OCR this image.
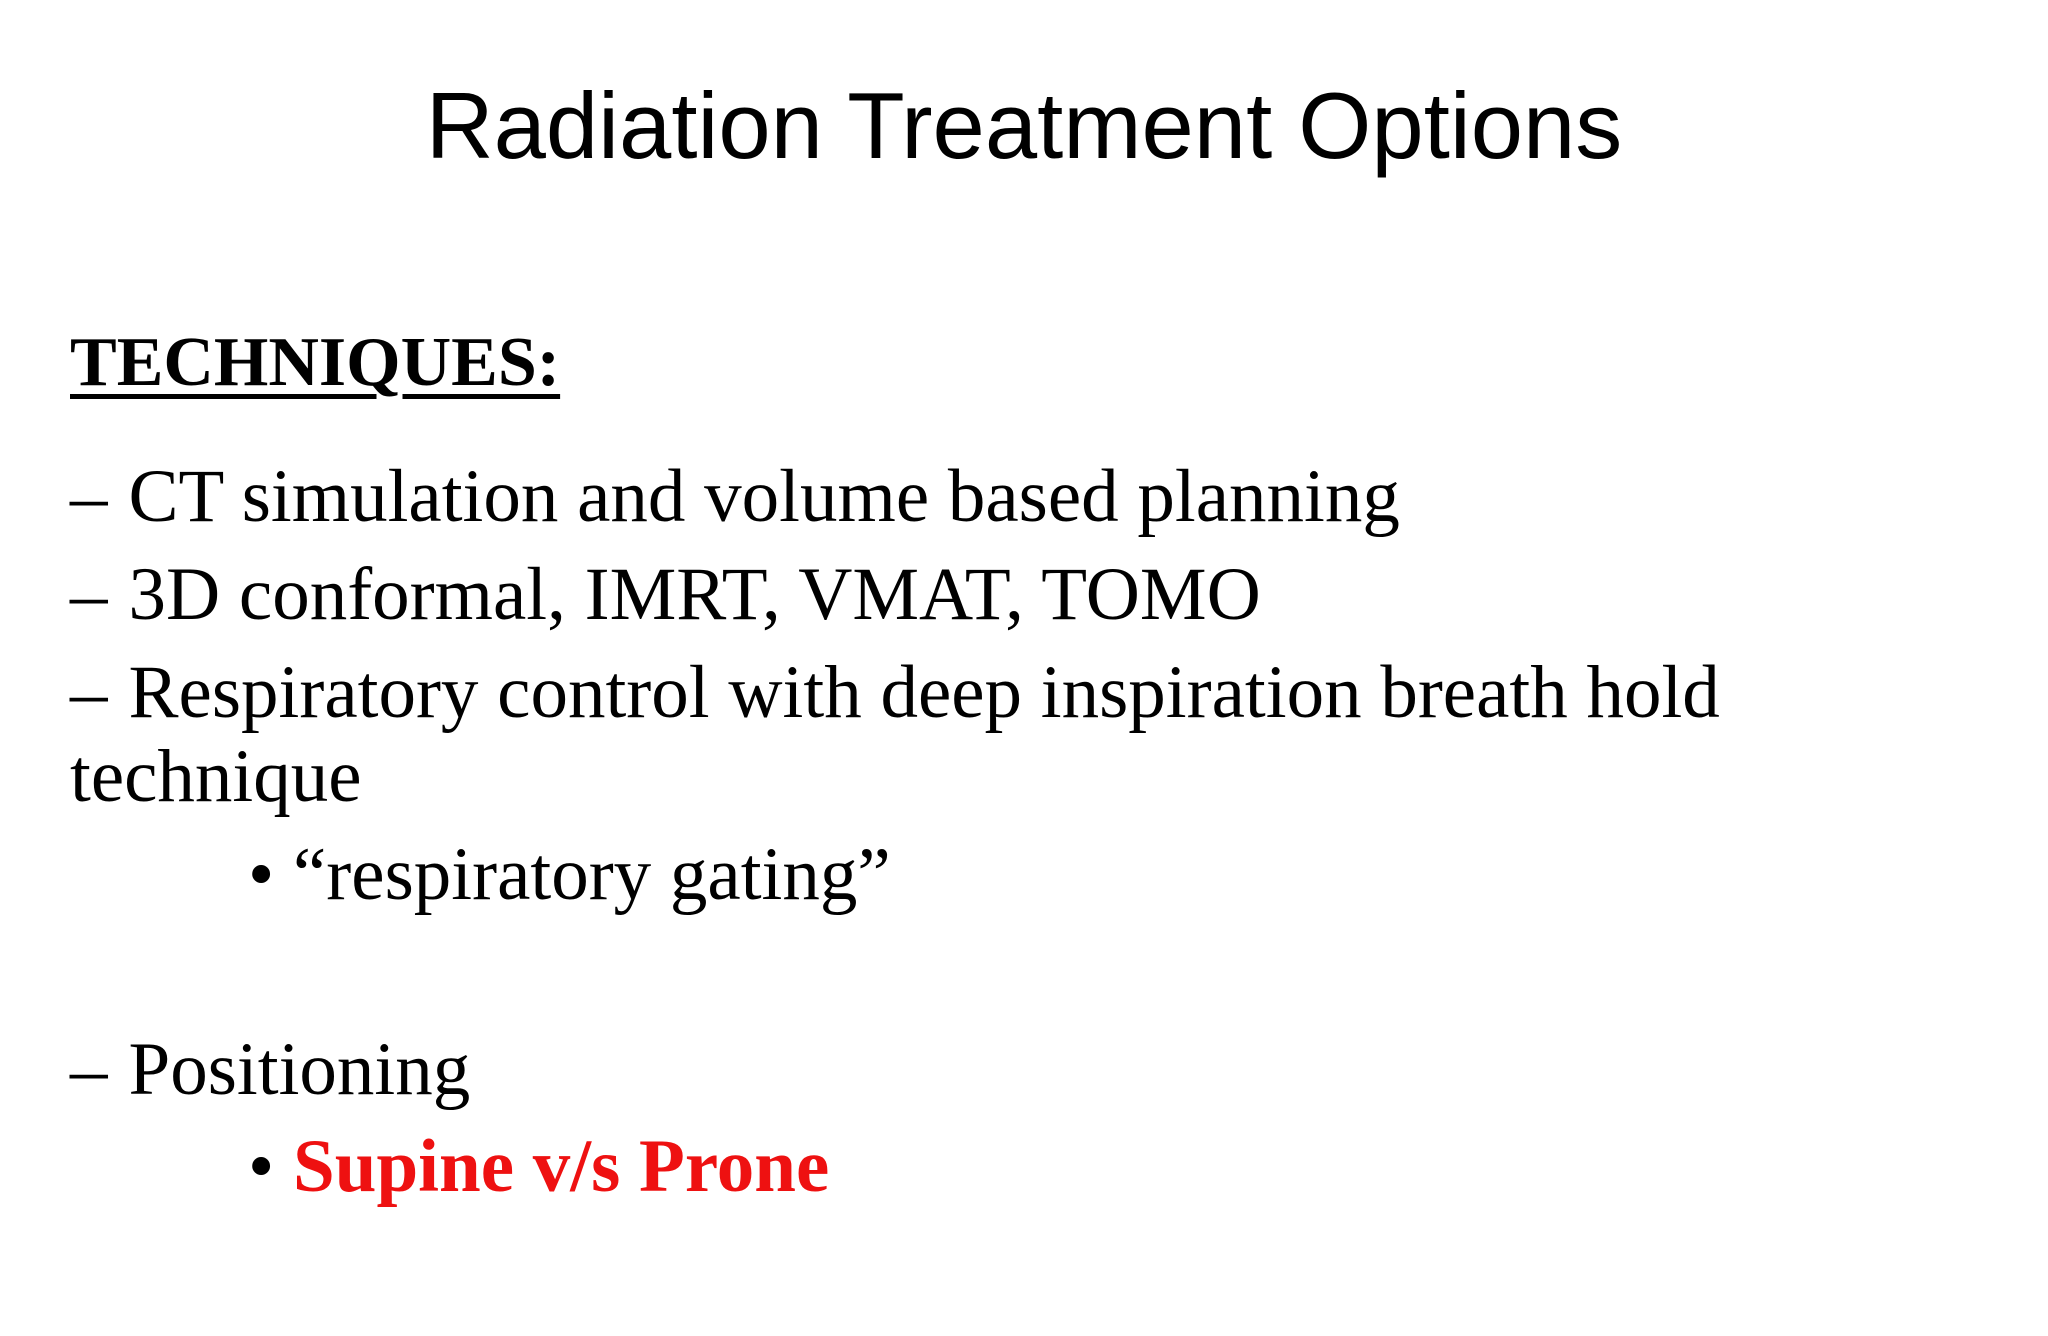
Radiation Treatment Options
TECHNIQUES:
– CT simulation and volume based planning
– 3D conformal, IMRT, VMAT, TOMO
– Respiratory control with deep inspiration breath hold
technique
• “respiratory gating”
– Positioning
• Supine v/s Prone
